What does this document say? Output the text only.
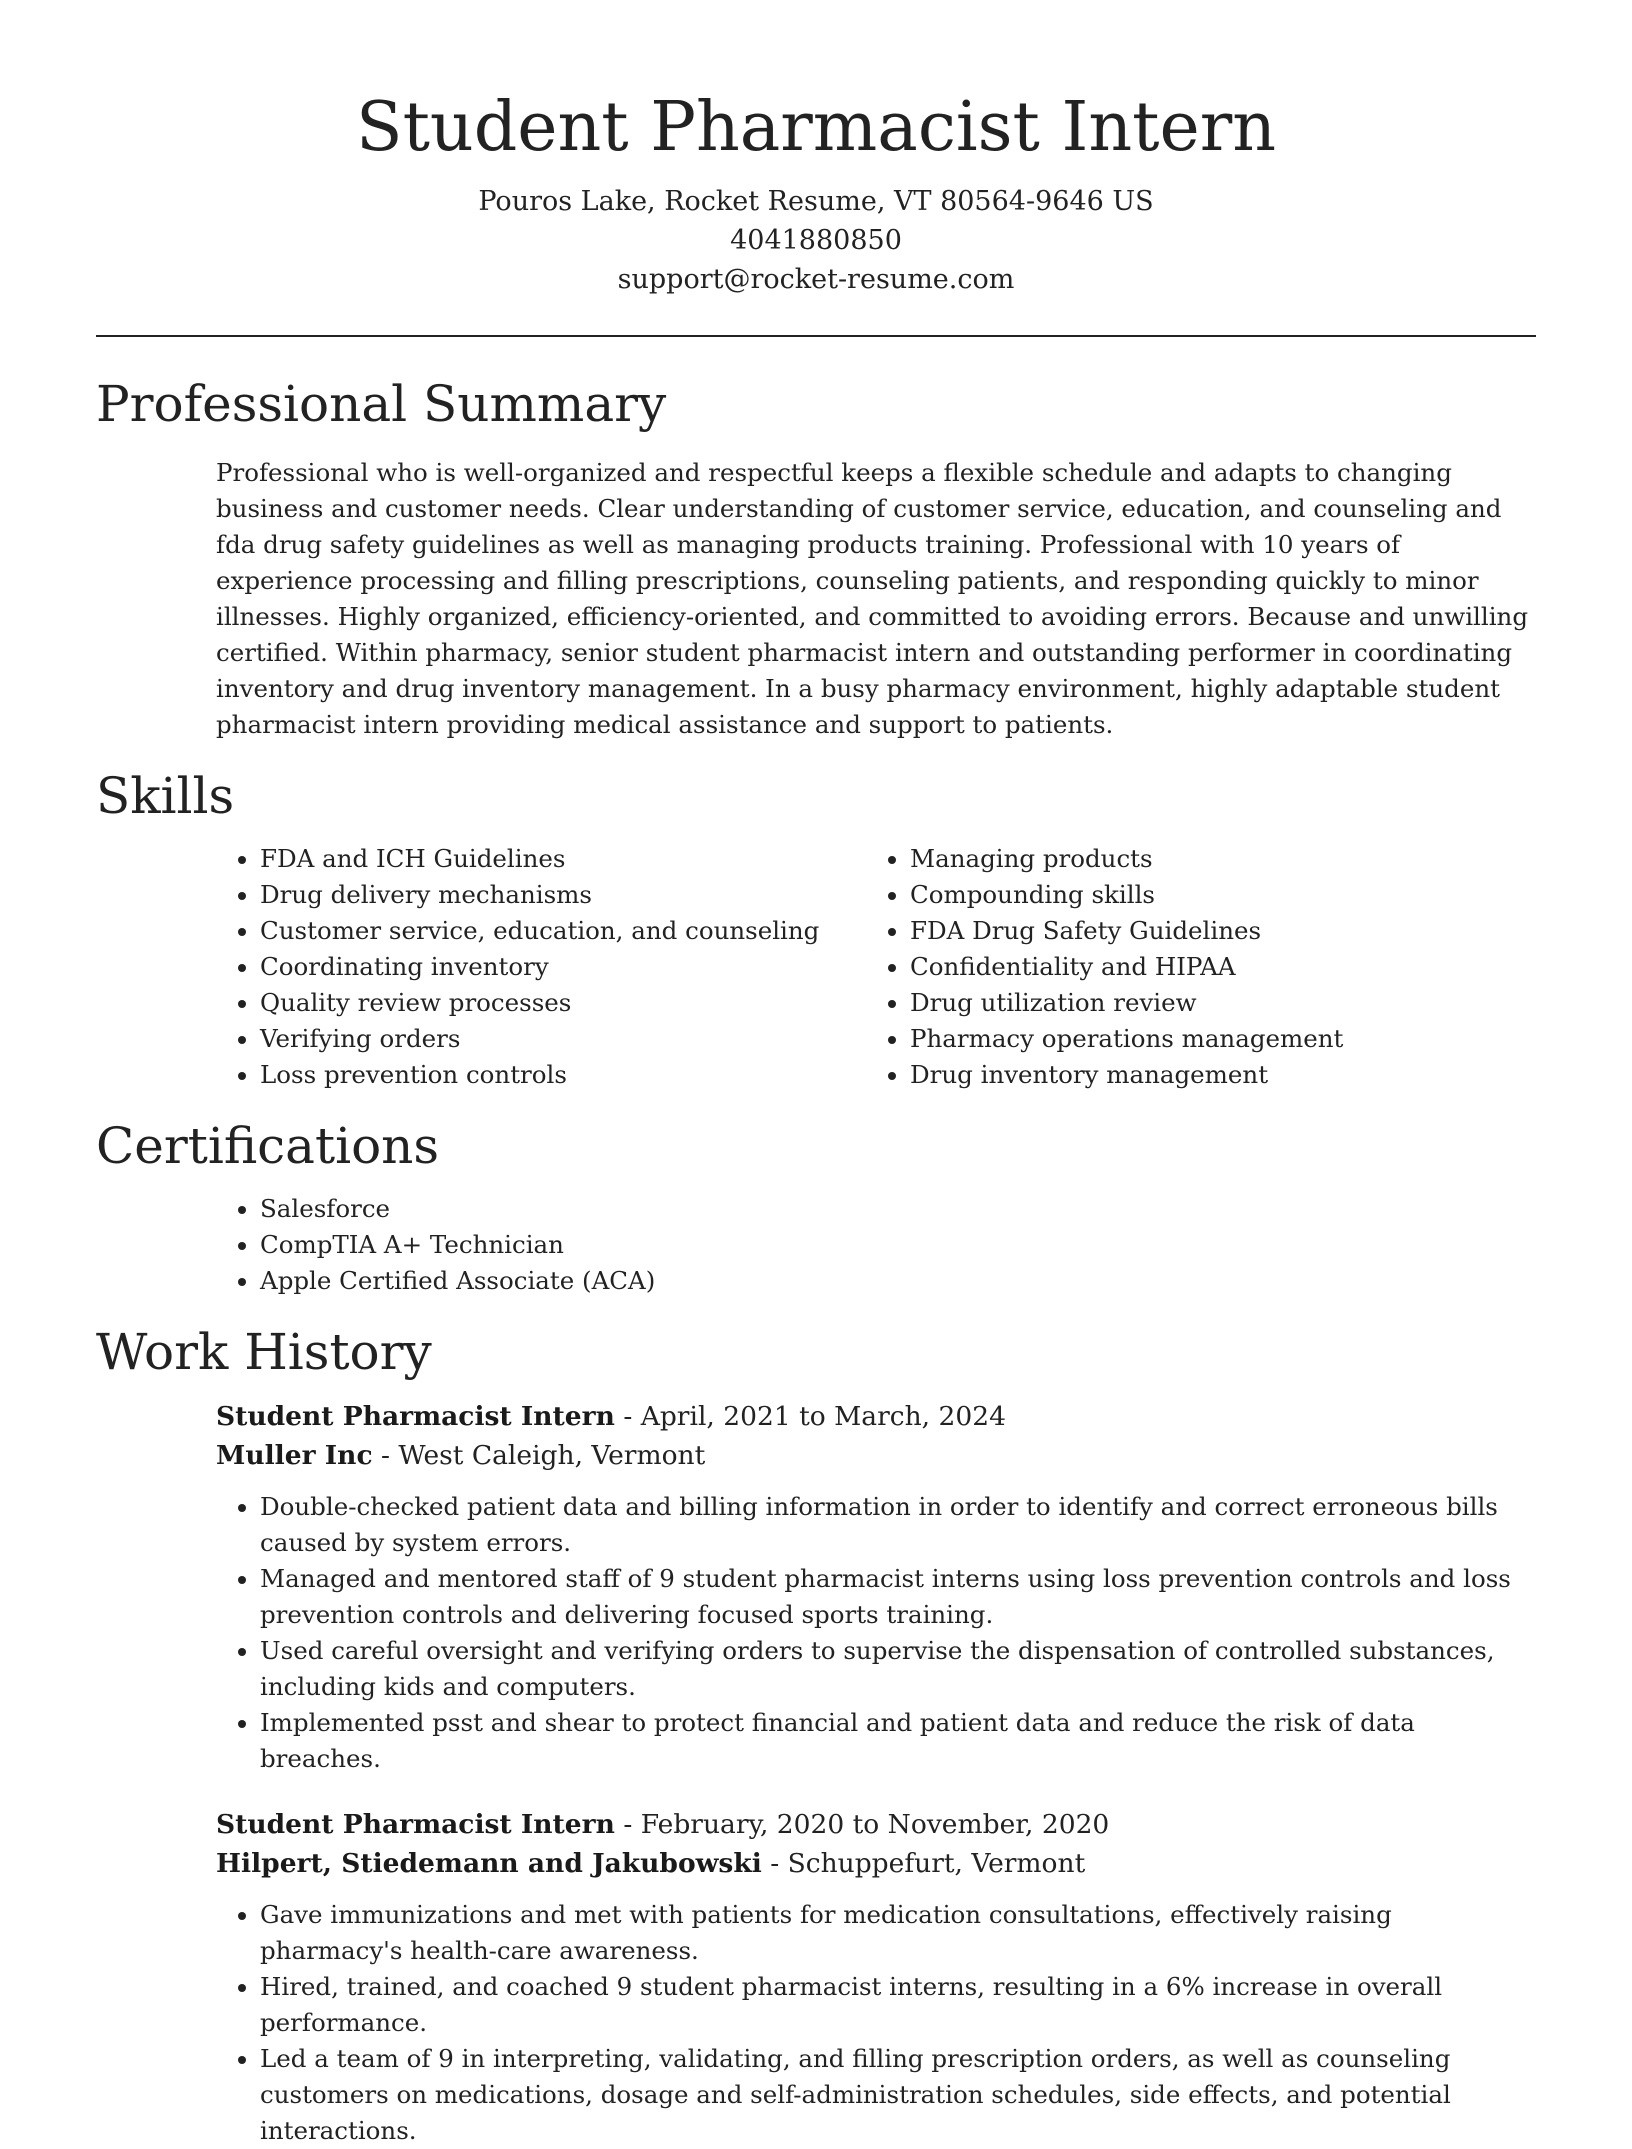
Student Pharmacist Intern
Pouros Lake, Rocket Resume, VT 80564-9646 US
4041880850
support@rocket-resume.com
Professional Summary

Professional who is well-organized and respectful keeps a flexible schedule and adapts to changing business and customer needs. Clear understanding of customer service, education, and counseling and fda drug safety guidelines as well as managing products training. Professional with 10 years of experience processing and filling prescriptions, counseling patients, and responding quickly to minor illnesses. Highly organized, efficiency-oriented, and committed to avoiding errors. Because and unwilling certified. Within pharmacy, senior student pharmacist intern and outstanding performer in coordinating inventory and drug inventory management. In a busy pharmacy environment, highly adaptable student pharmacist intern providing medical assistance and support to patients.

Skills
• FDA and ICH Guidelines
• Drug delivery mechanisms
• Customer service, education, and counseling
• Coordinating inventory
• Quality review processes
• Verifying orders
• Loss prevention controls
• Managing products
• Compounding skills
• FDA Drug Safety Guidelines
• Confidentiality and HIPAA
• Drug utilization review
• Pharmacy operations management
• Drug inventory management
Certifications
• Salesforce
• CompTIA A+ Technician
• Apple Certified Associate (ACA)
Work History
Student Pharmacist Intern - April, 2021 to March, 2024
Muller Inc - West Caleigh, Vermont
• Double-checked patient data and billing information in order to identify and correct erroneous bills caused by system errors.
• Managed and mentored staff of 9 student pharmacist interns using loss prevention controls and loss prevention controls and delivering focused sports training.
• Used careful oversight and verifying orders to supervise the dispensation of controlled substances, including kids and computers.
• Implemented psst and shear to protect financial and patient data and reduce the risk of data breaches.
Student Pharmacist Intern - February, 2020 to November, 2020
Hilpert, Stiedemann and Jakubowski - Schuppefurt, Vermont
• Gave immunizations and met with patients for medication consultations, effectively raising pharmacy's health-care awareness.
• Hired, trained, and coached 9 student pharmacist interns, resulting in a 6% increase in overall performance.
• Led a team of 9 in interpreting, validating, and filling prescription orders, as well as counseling customers on medications, dosage and self-administration schedules, side effects, and potential interactions.
